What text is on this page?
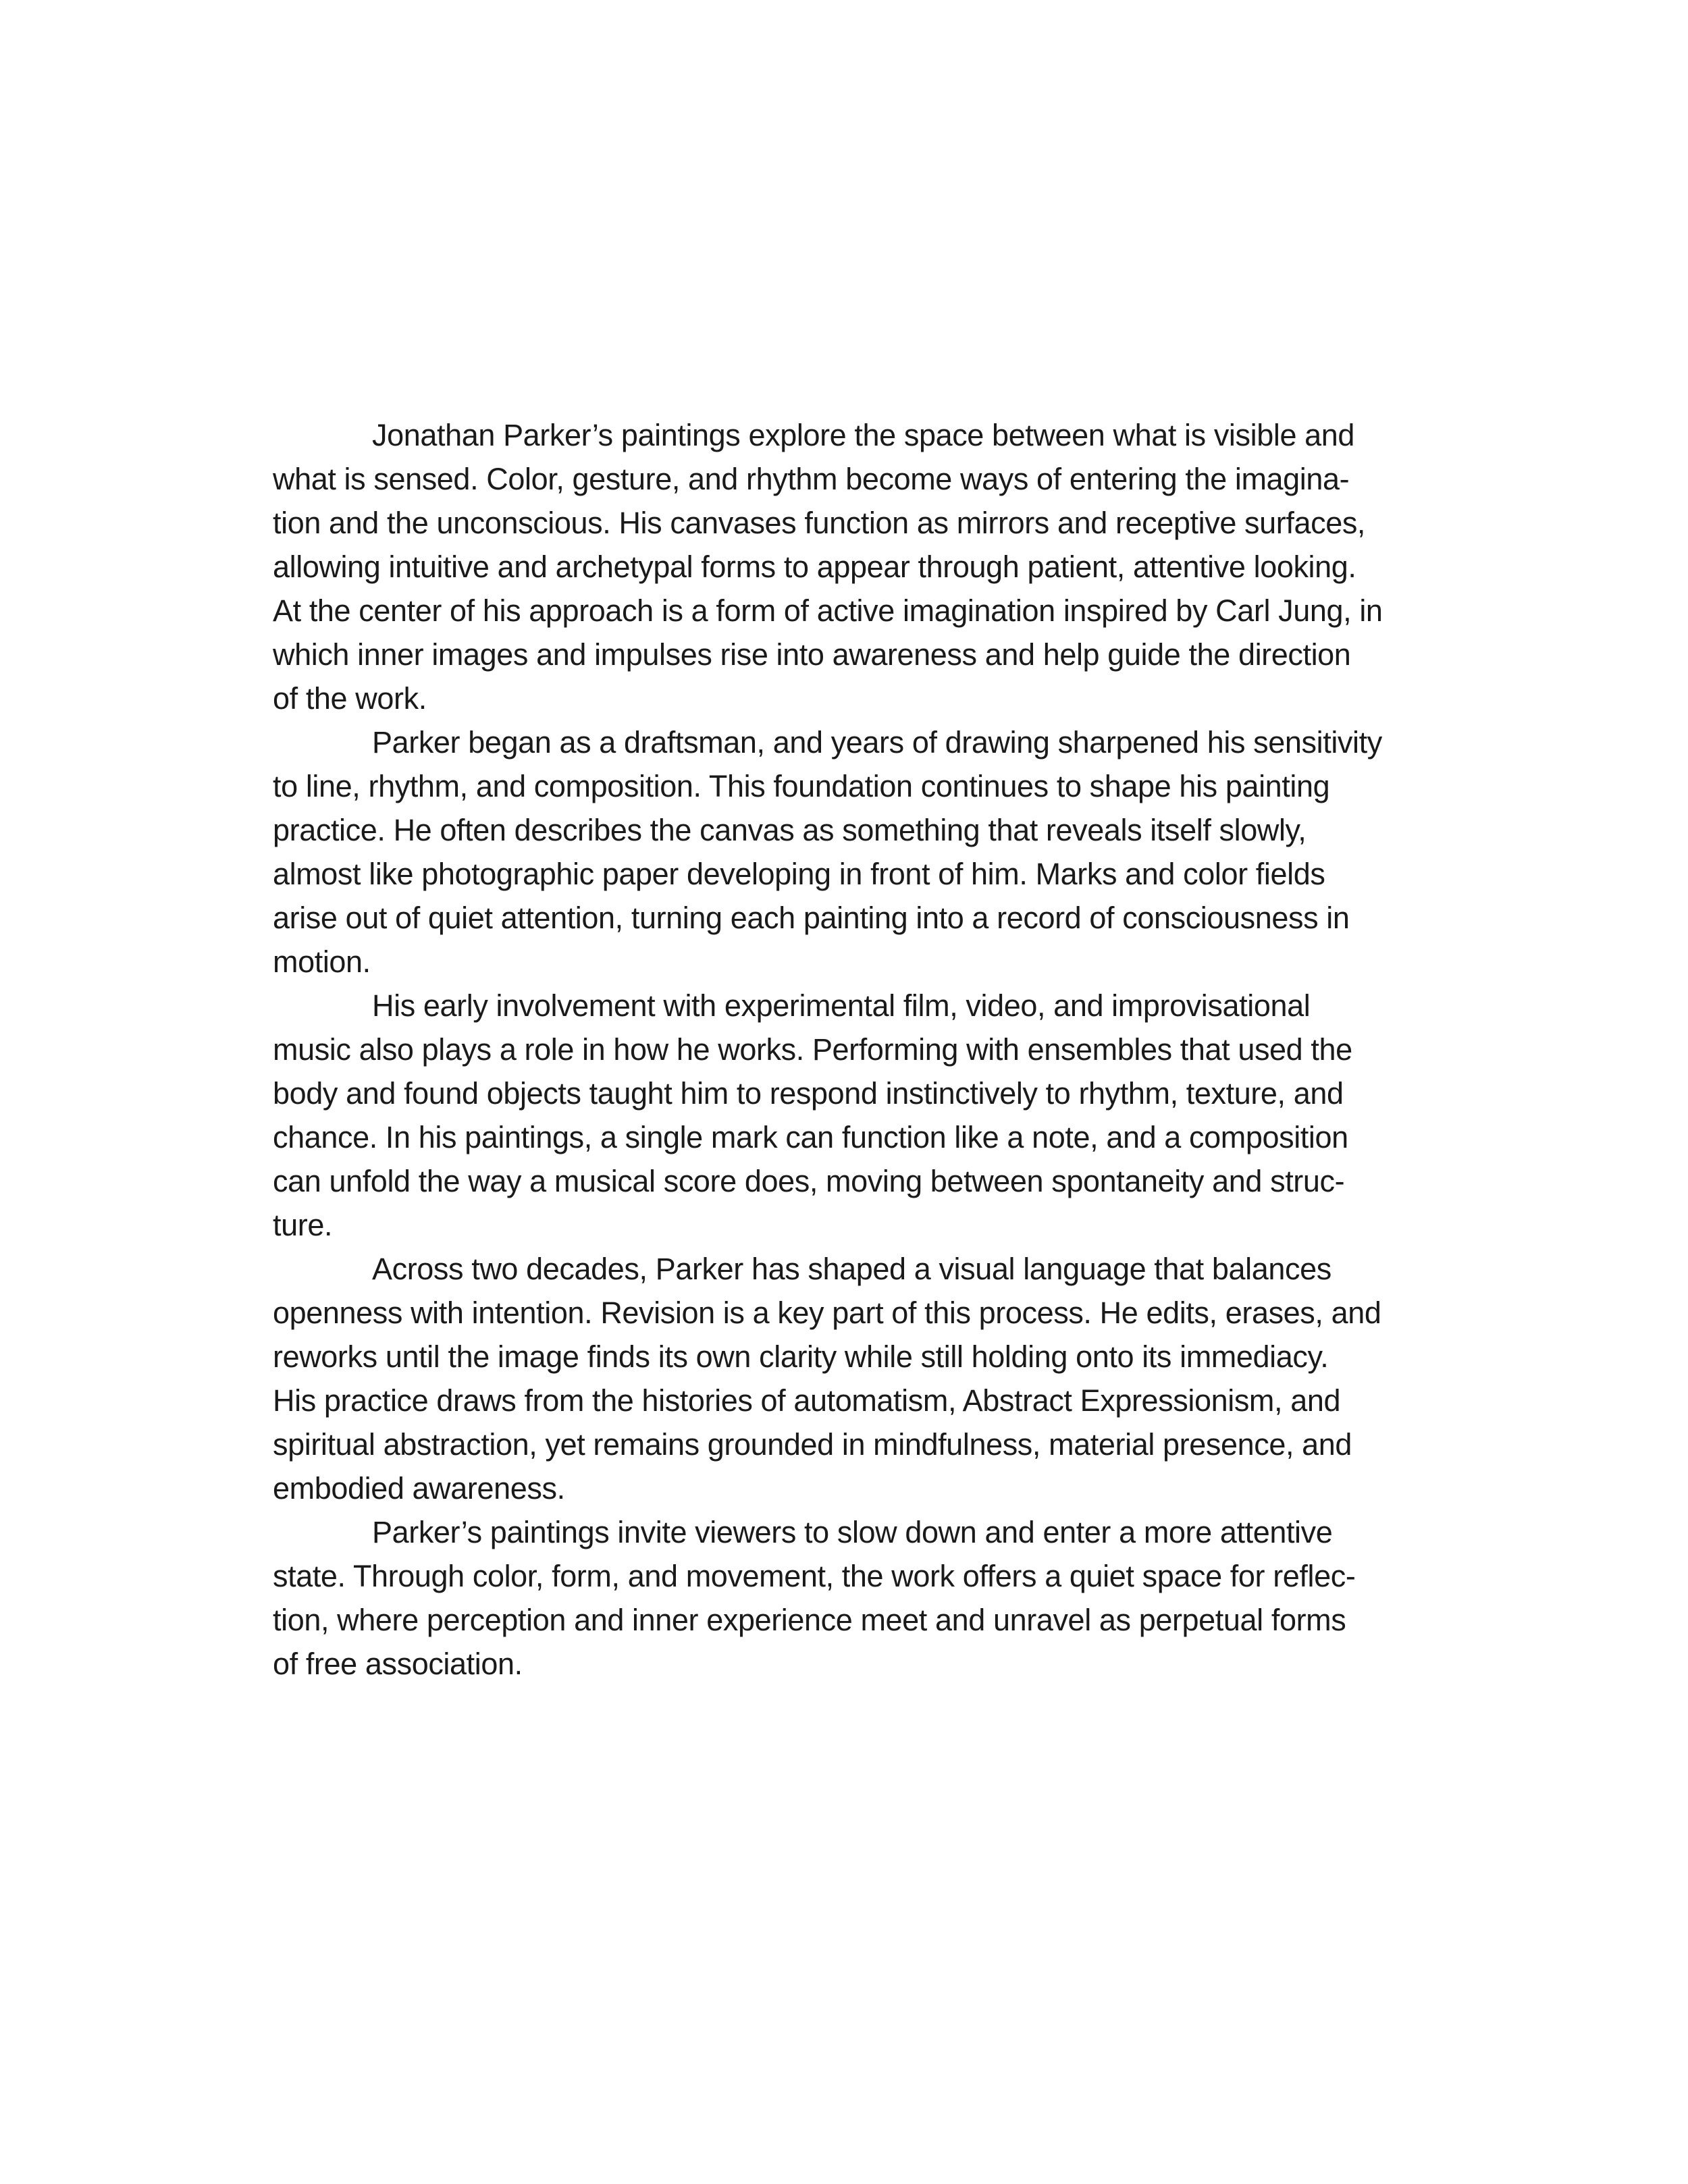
Jonathan Parker’s paintings explore the space between what is visible and
what is sensed. Color, gesture, and rhythm become ways of entering the imagina-
tion and the unconscious. His canvases function as mirrors and receptive surfaces,
allowing intuitive and archetypal forms to appear through patient, attentive looking.
At the center of his approach is a form of active imagination inspired by Carl Jung, in
which inner images and impulses rise into awareness and help guide the direction
of the work.
Parker began as a draftsman, and years of drawing sharpened his sensitivity
to line, rhythm, and composition. This foundation continues to shape his painting
practice. He often describes the canvas as something that reveals itself slowly,
almost like photographic paper developing in front of him. Marks and color fields
arise out of quiet attention, turning each painting into a record of consciousness in
motion.
His early involvement with experimental film, video, and improvisational
music also plays a role in how he works. Performing with ensembles that used the
body and found objects taught him to respond instinctively to rhythm, texture, and
chance. In his paintings, a single mark can function like a note, and a composition
can unfold the way a musical score does, moving between spontaneity and struc-
ture.
Across two decades, Parker has shaped a visual language that balances
openness with intention. Revision is a key part of this process. He edits, erases, and
reworks until the image finds its own clarity while still holding onto its immediacy.
His practice draws from the histories of automatism, Abstract Expressionism, and
spiritual abstraction, yet remains grounded in mindfulness, material presence, and
embodied awareness.
Parker’s paintings invite viewers to slow down and enter a more attentive
state. Through color, form, and movement, the work offers a quiet space for reflec-
tion, where perception and inner experience meet and unravel as perpetual forms
of free association.
